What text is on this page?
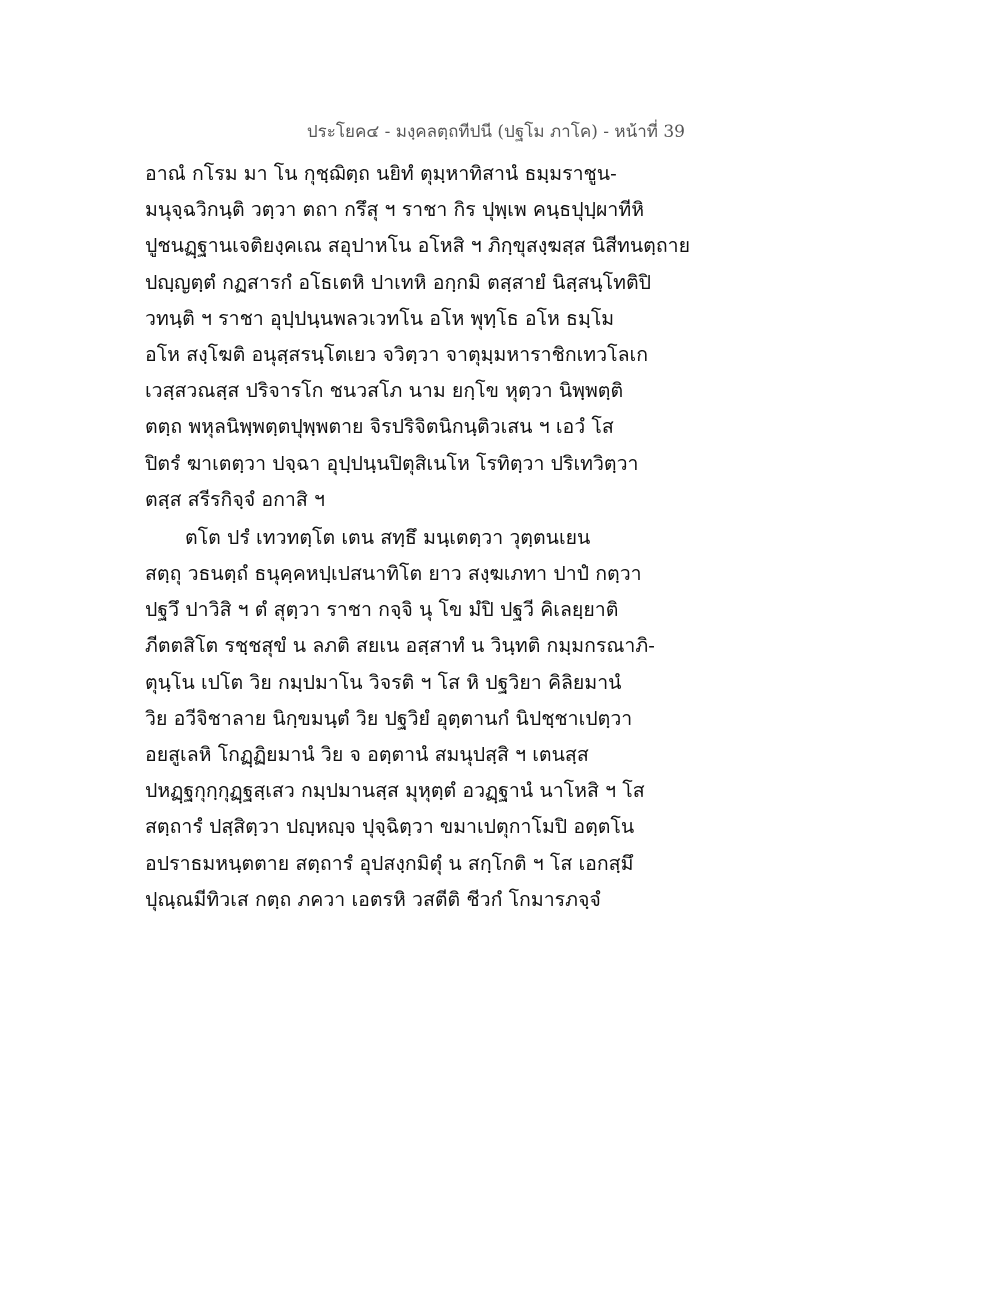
ประโยค๔ - มงฺคลตฺถทีปนี (ปฐโม ภาโค) - หน้าที่ 39
อาณํ กโรม มา โน กุชฺฌิตฺถ นยิทํ ตุมฺหาทิสานํ ธมฺมราชูน-
มนุจฺฉวิกนฺติ วตฺวา ตถา กรึสุ ฯ ราชา กิร ปุพฺเพ คนฺธปุปฺผาทีหิ
ปูชนฏฺฐานเจติยงฺคเณ สอุปาหโน อโหสิ ฯ ภิกฺขุสงฺฆสฺส นิสีทนตฺถาย
ปญฺญตฺตํ กฏสารกํ อโธเตหิ ปาเทหิ อกฺกมิ ตสฺสายํ นิสฺสนฺโทติปิ
วทนฺติ ฯ ราชา อุปฺปนฺนพลวเวทโน อโห พุทฺโธ อโห ธมฺโม
อโห สงฺโฆติ อนุสฺสรนฺโตเยว จวิตฺวา จาตุมฺมหาราชิกเทวโลเก
เวสฺสวณสฺส ปริจารโก ชนวสโภ นาม ยกฺโข หุตฺวา นิพฺพตฺติ
ตตฺถ พหุลนิพฺพตฺตปุพฺพตาย จิรปริจิตนิกนฺติวเสน ฯ เอวํ โส
ปิตรํ ฆาเตตฺวา ปจฺฉา อุปฺปนฺนปิตุสิเนโห โรทิตฺวา ปริเทวิตฺวา
ตสฺส สรีรกิจฺจํ อกาสิ ฯ
ตโต ปรํ เทวทตฺโต เตน สทฺธึ มนฺเตตฺวา วุตฺตนเยน
สตฺถุ วธนตฺถํ ธนุคฺคหปฺเปสนาทิโต ยาว สงฺฆเภทา ปาปํ กตฺวา
ปฐวึ ปาวิสิ ฯ ตํ สุตฺวา ราชา กจฺจิ นุ โข มํปิ ปฐวี คิเลยฺยาติ
ภีตตสิโต รชฺชสุขํ น ลภติ สยเน อสฺสาทํ น วินฺทติ กมฺมกรณาภิ-
ตุนฺโน เปโต วิย กมฺปมาโน วิจรติ ฯ โส หิ ปฐวิยา คิลิยมานํ
วิย อวีจิชาลาย นิกฺขมนฺตํ วิย ปฐวิยํ อุตฺตานกํ นิปชฺชาเปตฺวา
อยสูเลหิ โกฏฺฏิยมานํ วิย จ อตฺตานํ สมนุปสฺสิ ฯ เตนสฺส
ปหฏฺฐกุกฺกุฏฺฐสฺเสว กมฺปมานสฺส มุหุตฺตํ อวฏฺฐานํ นาโหสิ ฯ โส
สตฺถารํ ปสฺสิตฺวา ปญฺหญฺจ ปุจฺฉิตฺวา ขมาเปตุกาโมปิ อตฺตโน
อปราธมหนฺตตาย สตฺถารํ อุปสงฺกมิตุํ น สกฺโกติ ฯ โส เอกสฺมึ
ปุณฺณมีทิวเส กตฺถ ภควา เอตรหิ วสตีติ ชีวกํ โกมารภจฺจํ
